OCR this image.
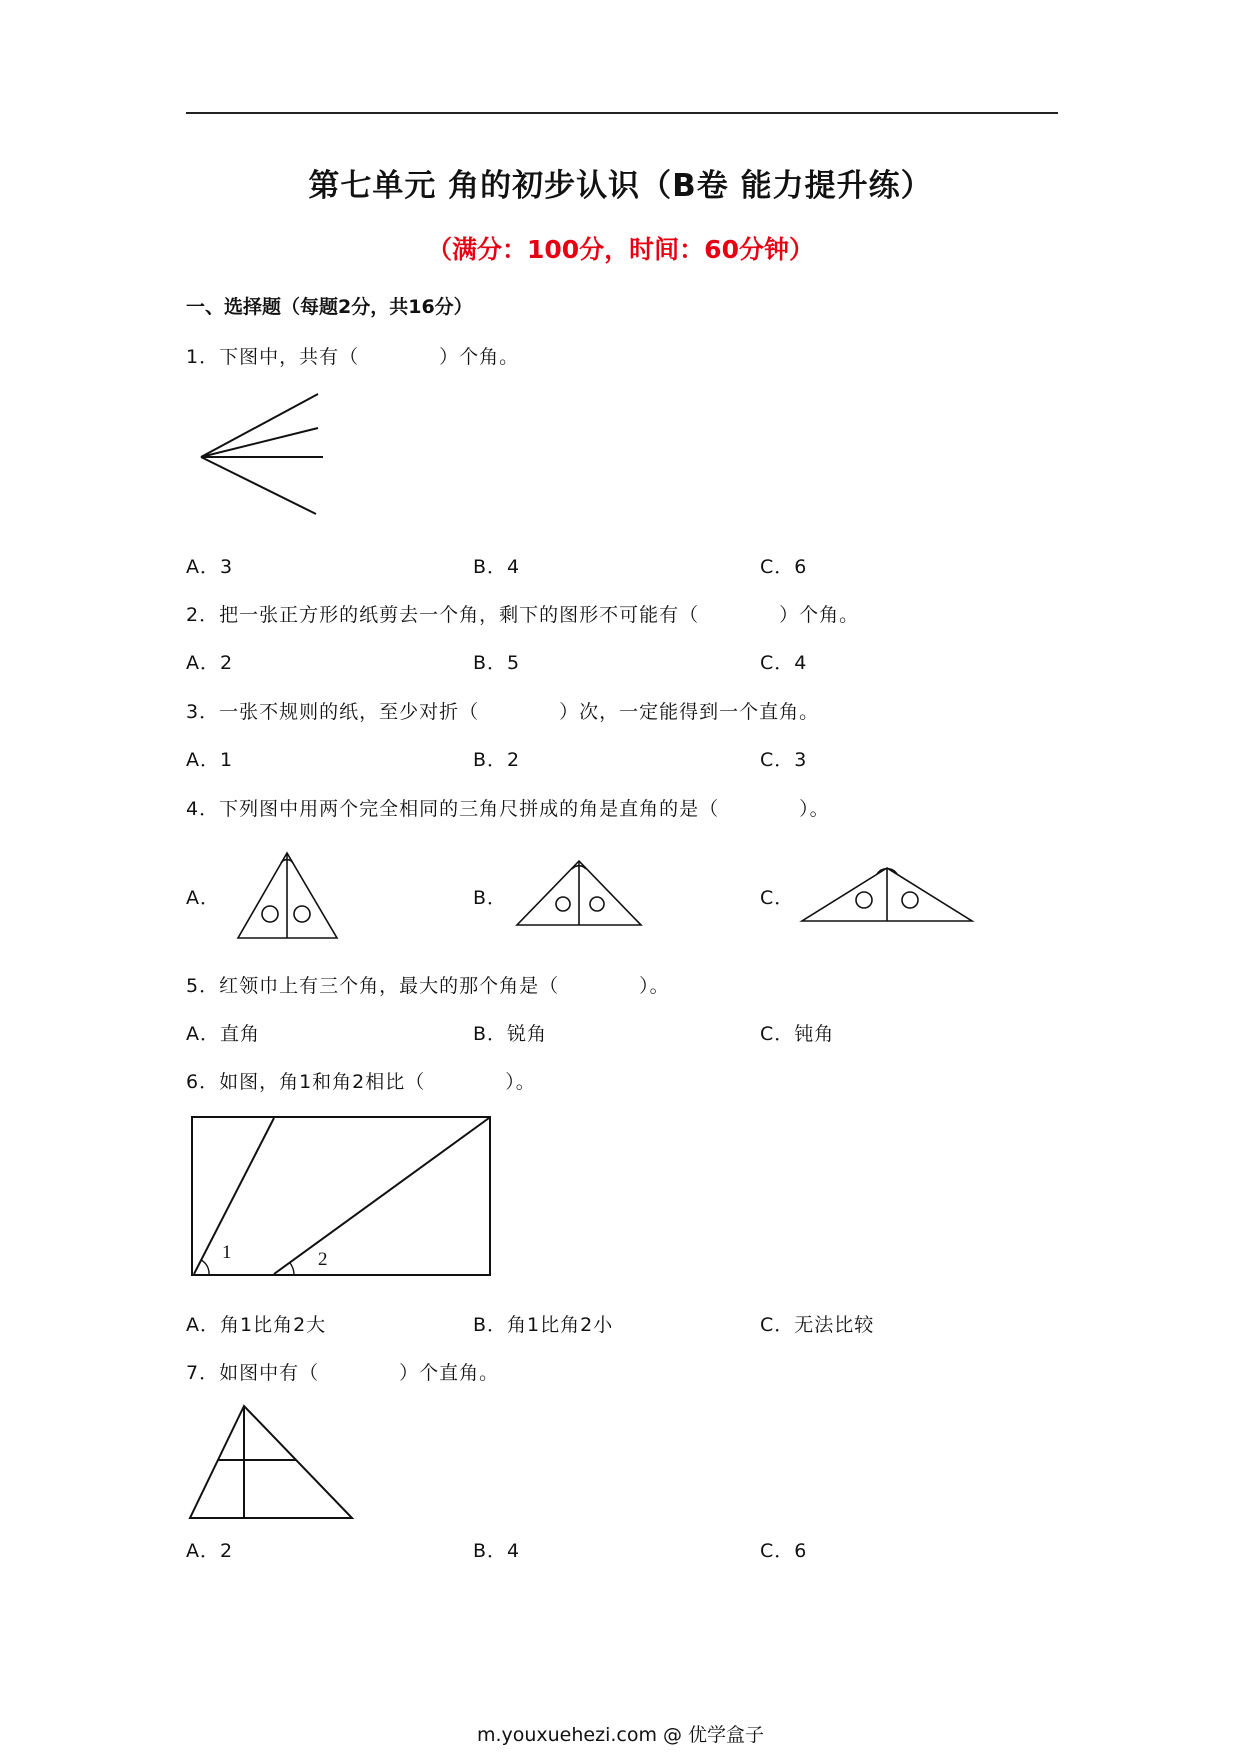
第七单元 角的初步认识（B卷 能力提升练）
（满分：100分，时间：60分钟）
一、选择题（每题2分，共16分）
1．下图中，共有（　　　　）个角。
A．3	B．4	C．6
2．把一张正方形的纸剪去一个角，剩下的图形不可能有（　　　　）个角。
A．2	B．5	C．4
3．一张不规则的纸，至少对折（　　　　）次，一定能得到一个直角。
A．1	B．2	C．3
4．下列图中用两个完全相同的三角尺拼成的角是直角的是（　　　　）。
A．	B．	C．
5．红领巾上有三个角，最大的那个角是（　　　　）。
A．直角	B．锐角	C．钝角
6．如图，角1和角2相比（　　　　）。
1	2
A．角1比角2大	B．角1比角2小	C．无法比较
7．如图中有（　　　　）个直角。
A．2	B．4	C．6
m.youxuehezi.com @ 优学盒子
